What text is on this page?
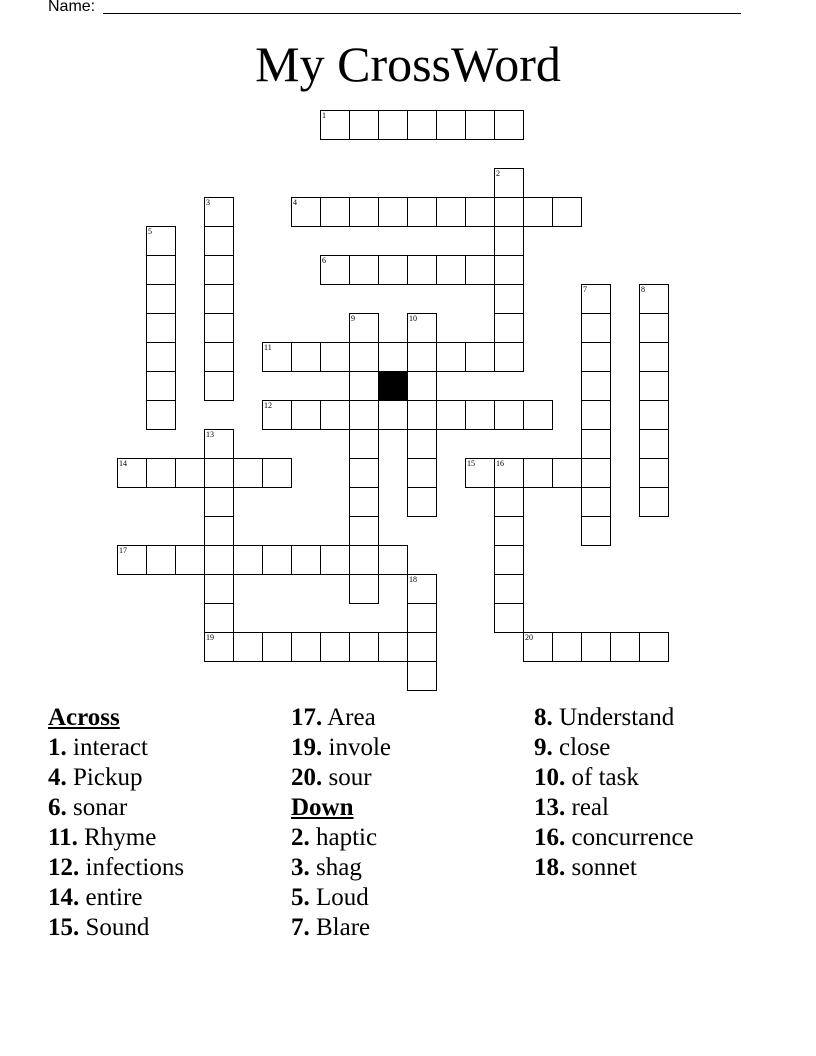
Name:
My CrossWord
1
2
3	4
5
6
7	8
9	10
11
12
13
19
14	15	16
17
18
20
Across
1. interact
4. Pickup
6. sonar
11. Rhyme
12. infections
14. entire
15. Sound
17. Area
19. invole
20. sour
Down
2. haptic
3. shag
5. Loud
7. Blare
8. Understand
9. close
10. of task
13. real
16. concurrence
18. sonnet
